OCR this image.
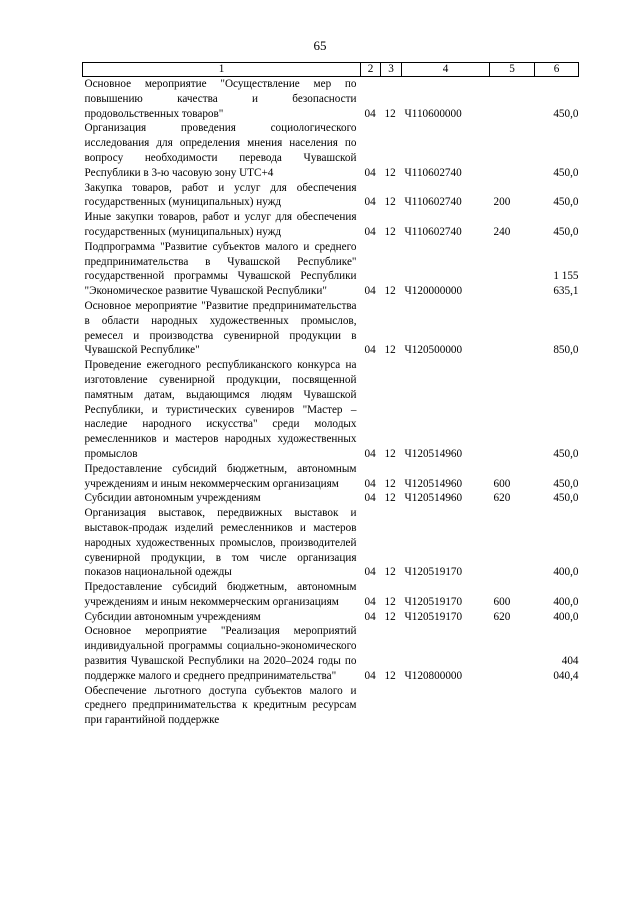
65
1	2	3	4	5	6
Основное мероприятие "Осуществление мер по повышению качества и безопасности продовольственных товаров"	04	12	Ч110600000		450,0
Организация проведения социологического исследования для определения мнения населения по вопросу необходимости перевода Чувашской Республики в 3-ю часовую зону UTC+4	04	12	Ч110602740		450,0
Закупка товаров, работ и услуг для обеспечения государственных (муниципальных) нужд	04	12	Ч110602740	200	450,0
Иные закупки товаров, работ и услуг для обеспечения государственных (муниципальных) нужд	04	12	Ч110602740	240	450,0
Подпрограмма "Развитие субъектов малого и среднего предпринимательства в Чувашской Республике" государственной программы Чувашской Республики "Экономическое развитие Чувашской Республики"	04	12	Ч120000000		1 155 635,1
Основное мероприятие "Развитие предпринимательства в области народных художественных промыслов, ремесел и производства сувенирной продукции в Чувашской Республике"	04	12	Ч120500000		850,0
Проведение ежегодного республиканского конкурса на изготовление сувенирной продукции, посвященной памятным датам, выдающимся людям Чувашской Республики, и туристических сувениров "Мастер – наследие народного искусства" среди молодых ремесленников и мастеров народных художественных промыслов	04	12	Ч120514960		450,0
Предоставление субсидий бюджетным, автономным учреждениям и иным некоммерческим организациям	04	12	Ч120514960	600	450,0
Субсидии автономным учреждениям	04	12	Ч120514960	620	450,0
Организация выставок, передвижных выставок и выставок-продаж изделий ремесленников и мастеров народных художественных промыслов, производителей сувенирной продукции, в том числе организация показов национальной одежды	04	12	Ч120519170		400,0
Предоставление субсидий бюджетным, автономным учреждениям и иным некоммерческим организациям	04	12	Ч120519170	600	400,0
Субсидии автономным учреждениям	04	12	Ч120519170	620	400,0
Основное мероприятие "Реализация мероприятий индивидуальной программы социально-экономического развития Чувашской Республики на 2020–2024 годы по поддержке малого и среднего предпринимательства"	04	12	Ч120800000		404 040,4
Обеспечение льготного доступа субъектов малого и среднего предпринимательства к кредитным ресурсам при гарантийной поддержке					
